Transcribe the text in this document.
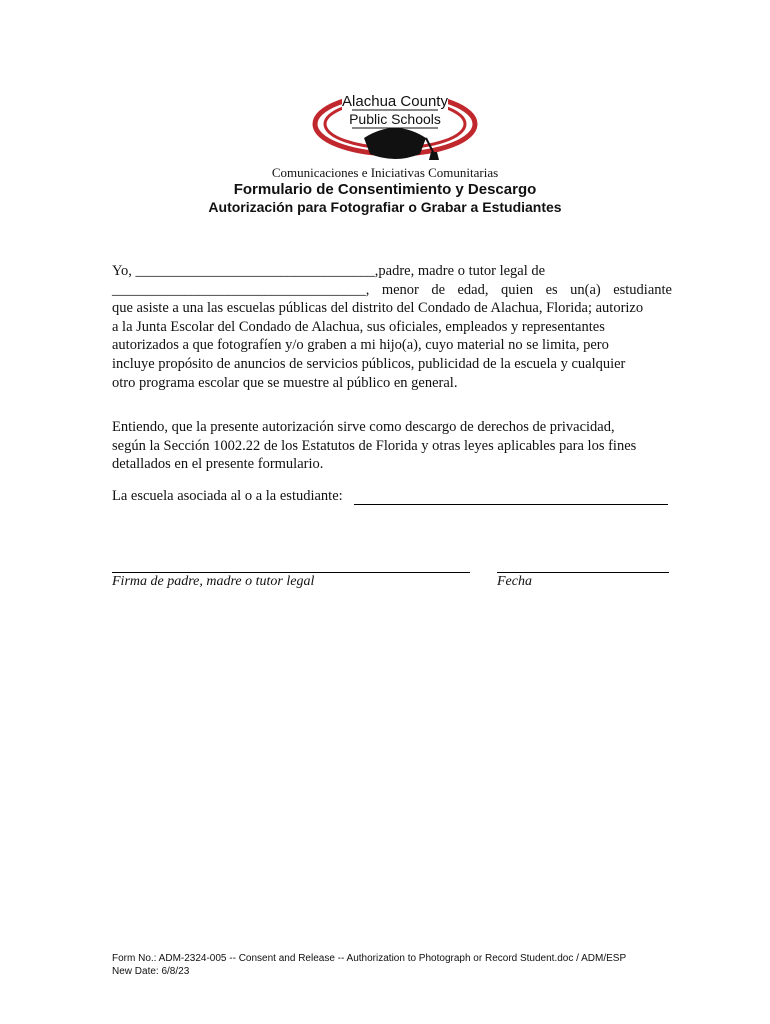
Alachua County
Public Schools
Comunicaciones e Iniciativas Comunitarias
Formulario de Consentimiento y Descargo
Autorización para Fotografiar o Grabar a Estudiantes
Yo, _________________________________,padre, madre o tutor legal de
___________________________________, menor de edad, quien es un(a) estudiante
que asiste a una las escuelas públicas del distrito del Condado de Alachua, Florida; autorizo
a la Junta Escolar del Condado de Alachua, sus oficiales, empleados y representantes
autorizados a que fotografíen y/o graben a mi hijo(a), cuyo material no se limita, pero
incluye propósito de anuncios de servicios públicos, publicidad de la escuela y cualquier
otro programa escolar que se muestre al público en general.
Entiendo, que la presente autorización sirve como descargo de derechos de privacidad,
según la Sección 1002.22 de los Estatutos de Florida y otras leyes aplicables para los fines
detallados en el presente formulario.
La escuela asociada al o a la estudiante:
Firma de padre, madre o tutor legal	Fecha
Form No.: ADM-2324-005 -- Consent and Release -- Authorization to Photograph or Record Student.doc / ADM/ESP
New Date: 6/8/23
